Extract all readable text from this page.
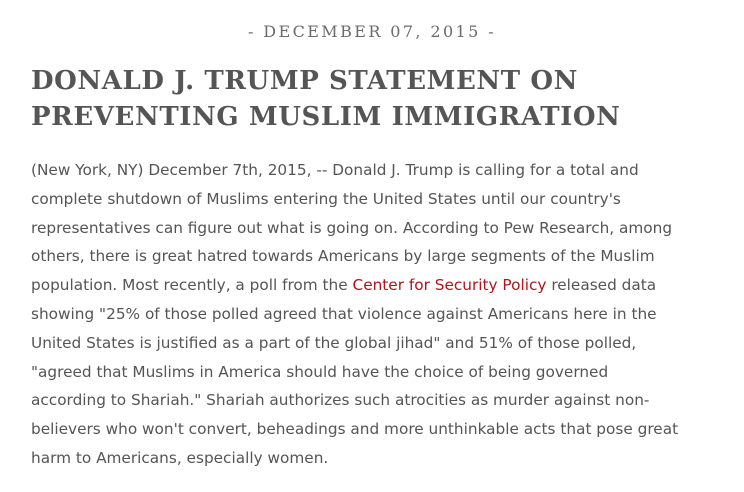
- DECEMBER 07, 2015 -
DONALD J. TRUMP STATEMENT ON
PREVENTING MUSLIM IMMIGRATION
(New York, NY) December 7th, 2015, -- Donald J. Trump is calling for a total and
complete shutdown of Muslims entering the United States until our country's
representatives can figure out what is going on. According to Pew Research, among
others, there is great hatred towards Americans by large segments of the Muslim
population. Most recently, a poll from the Center for Security Policy released data
showing "25% of those polled agreed that violence against Americans here in the
United States is justified as a part of the global jihad" and 51% of those polled,
"agreed that Muslims in America should have the choice of being governed
according to Shariah." Shariah authorizes such atrocities as murder against non-
believers who won't convert, beheadings and more unthinkable acts that pose great
harm to Americans, especially women.
